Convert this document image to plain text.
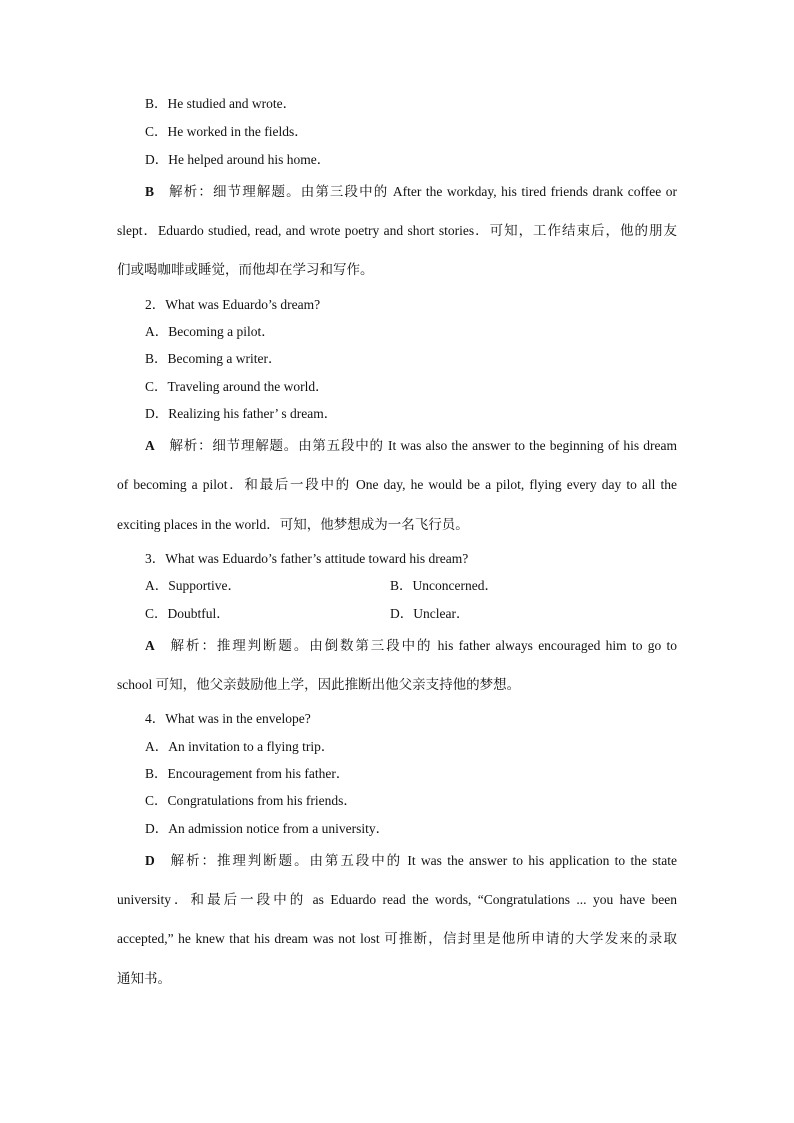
B．He studied and wrote．
C．He worked in the fields．
D．He helped around his home．
B 解析：细节理解题。由第三段中的 After the workday, his tired friends drank coffee or
slept．Eduardo studied, read, and wrote poetry and short stories．可知，工作结束后，他的朋友
们或喝咖啡或睡觉，而他却在学习和写作。
2．What was Eduardo’s dream?
A．Becoming a pilot．
B．Becoming a writer．
C．Traveling around the world．
D．Realizing his father’ s dream．
A 解析：细节理解题。由第五段中的 It was also the answer to the beginning of his dream
of becoming a pilot．和最后一段中的 One day, he would be a pilot, flying every day to all the
exciting places in the world．可知，他梦想成为一名飞行员。
3．What was Eduardo’s father’s attitude toward his dream?
A．Supportive．	B．Unconcerned．
C．Doubtful．	D．Unclear．
A 解析：推理判断题。由倒数第三段中的 his father always encouraged him to go to
school 可知，他父亲鼓励他上学，因此推断出他父亲支持他的梦想。
4．What was in the envelope?
A．An invitation to a flying trip．
B．Encouragement from his father．
C．Congratulations from his friends．
D．An admission notice from a university．
D 解析：推理判断题。由第五段中的 It was the answer to his application to the state
university．和最后一段中的 as Eduardo read the words, “Congratulations ... you have been
accepted,” he knew that his dream was not lost 可推断，信封里是他所申请的大学发来的录取
通知书。
